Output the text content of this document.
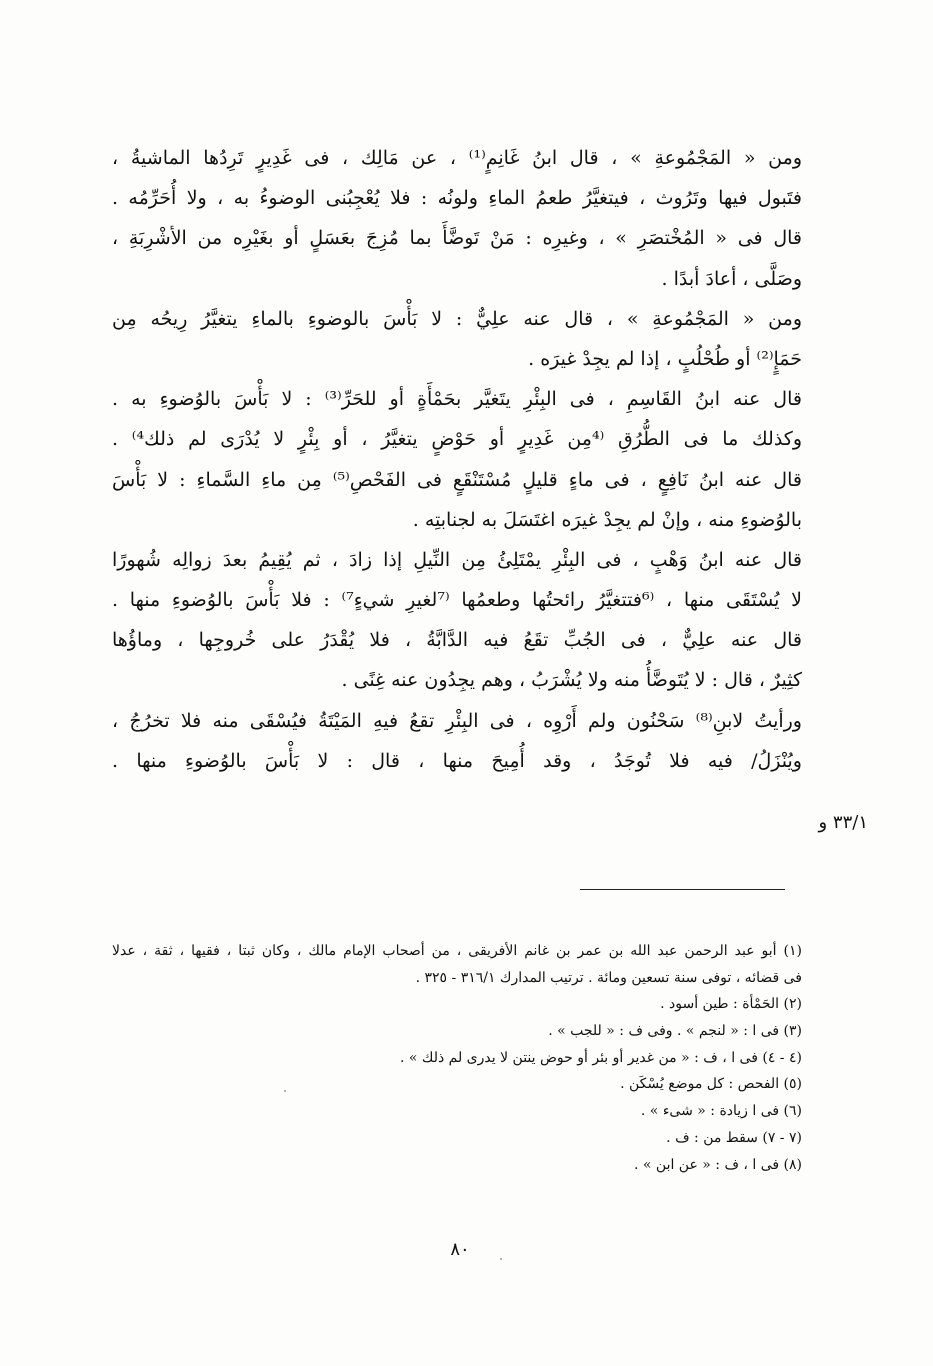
ومن « المَجْمُوعةِ » ، قال ابنُ غَانِمٍ⁽¹⁾ ، عن مَالِك ، فى غَدِيرٍ تَرِدُها الماشيةُ ،
فتَبول فيها وتَرُوث ، فيتغيَّرُ طعمُ الماءِ ولونُه : فلا يُعْجِبُنى الوضوءُ به ، ولا أُحَرِّمُه .
قال فى « المُخْتصَرِ » ، وغيرِه : مَنْ تَوضَّأَ بما مُزِجَ بعَسَلٍ أو بغَيْرِه من الأشْرِبَةِ ،
وصَلَّى ، أعادَ أبدًا .
ومن « المَجْمُوعةِ » ، قال عنه علِيٌّ : لا بَأْسَ بالوضوءِ بالماءِ يتغيَّرُ رِيحُه مِن
حَمَإٍ⁽²⁾ أو طُحْلُبٍ ، إذا لم يجِدْ غيرَه .
قال عنه ابنُ القَاسِمِ ، فى البِئْرِ يتَغيَّر بحَمْأَةٍ أو للحَرِّ⁽³⁾ : لا بَأْسَ بالوُضوءِ به .
وكذلك ما فى الطُّرُقِ ⁽⁴مِن غَدِيرٍ أو حَوْضٍ يتغيَّرُ ، أو بِئْرٍ لا يُدْرَى لم ذلك⁴⁾ .
قال عنه ابنُ نَافِعٍ ، فى ماءٍ قليلٍ مُسْتَنْقَعٍ فى الفَحْصِ⁽⁵⁾ مِن ماءِ السَّماءِ : لا بَأْسَ
بالوُضوءِ منه ، وإنْ لم يجِدْ غيرَه اغتَسَلَ به لجنابتِه .
قال عنه ابنُ وَهْبٍ ، فى البِئْرِ يمْتَلِئُ مِن النِّيلِ إذا زادَ ، ثم يُقِيمُ بعدَ زوالِه شُهورًا
لا يُسْتَقَى منها ، ⁽⁶فتتغيَّرُ رائحتُها وطعمُها ⁽⁷لغيرِ شيءٍ⁷⁾ : فلا بَأْسَ بالوُضوءِ منها .
قال عنه علِيٌّ ، فى الجُبِّ تقَعُ فيه الدَّابَّةُ ، فلا يُقْدَرُ على خُروجِها ، وماؤُها
كثِيرٌ ، قال : لا يُتَوضَّأُ منه ولا يُشْرَبُ ، وهم يجِدُون عنه غِنًى .
ورأيتُ لابنِ⁽⁸⁾ سَحْنُون ولم أَرْوِه ، فى البِئْرِ تقعُ فيهِ المَيْتَةُ فيُسْقَى منه فلا تخرُجُ ،
ويُنْزَلُ/ فيه فلا تُوجَدُ ، وقد أُمِيحَ منها ، قال : لا بَأْسَ بالوُضوءِ منها .
٣٣/١ و
(١) أبو عبد الرحمن عبد الله بن عمر بن غانم الأفريقى ، من أصحاب الإمام مالك ، وكان ثبتا ، فقيها ، ثقة ، عدلا
فى قضائه ، توفى سنة تسعين ومائة . ترتيب المدارك ٣١٦/١ - ٣٢٥ .
(٢) الحَمْأة : طين أسود .
(٣) فى ا : « لنجم » . وفى ف : « للجب » .
(٤ - ٤) فى ا ، ف : « من غدير أو بئر أو حوض ينتن لا يدرى لم ذلك » .
(٥) الفحص : كل موضع يُسْكَن .
(٦) فى ا زيادة : « شىء » .
(٧ - ٧) سقط من : ف .
(٨) فى ا ، ف : « عن ابن » .
٨٠
